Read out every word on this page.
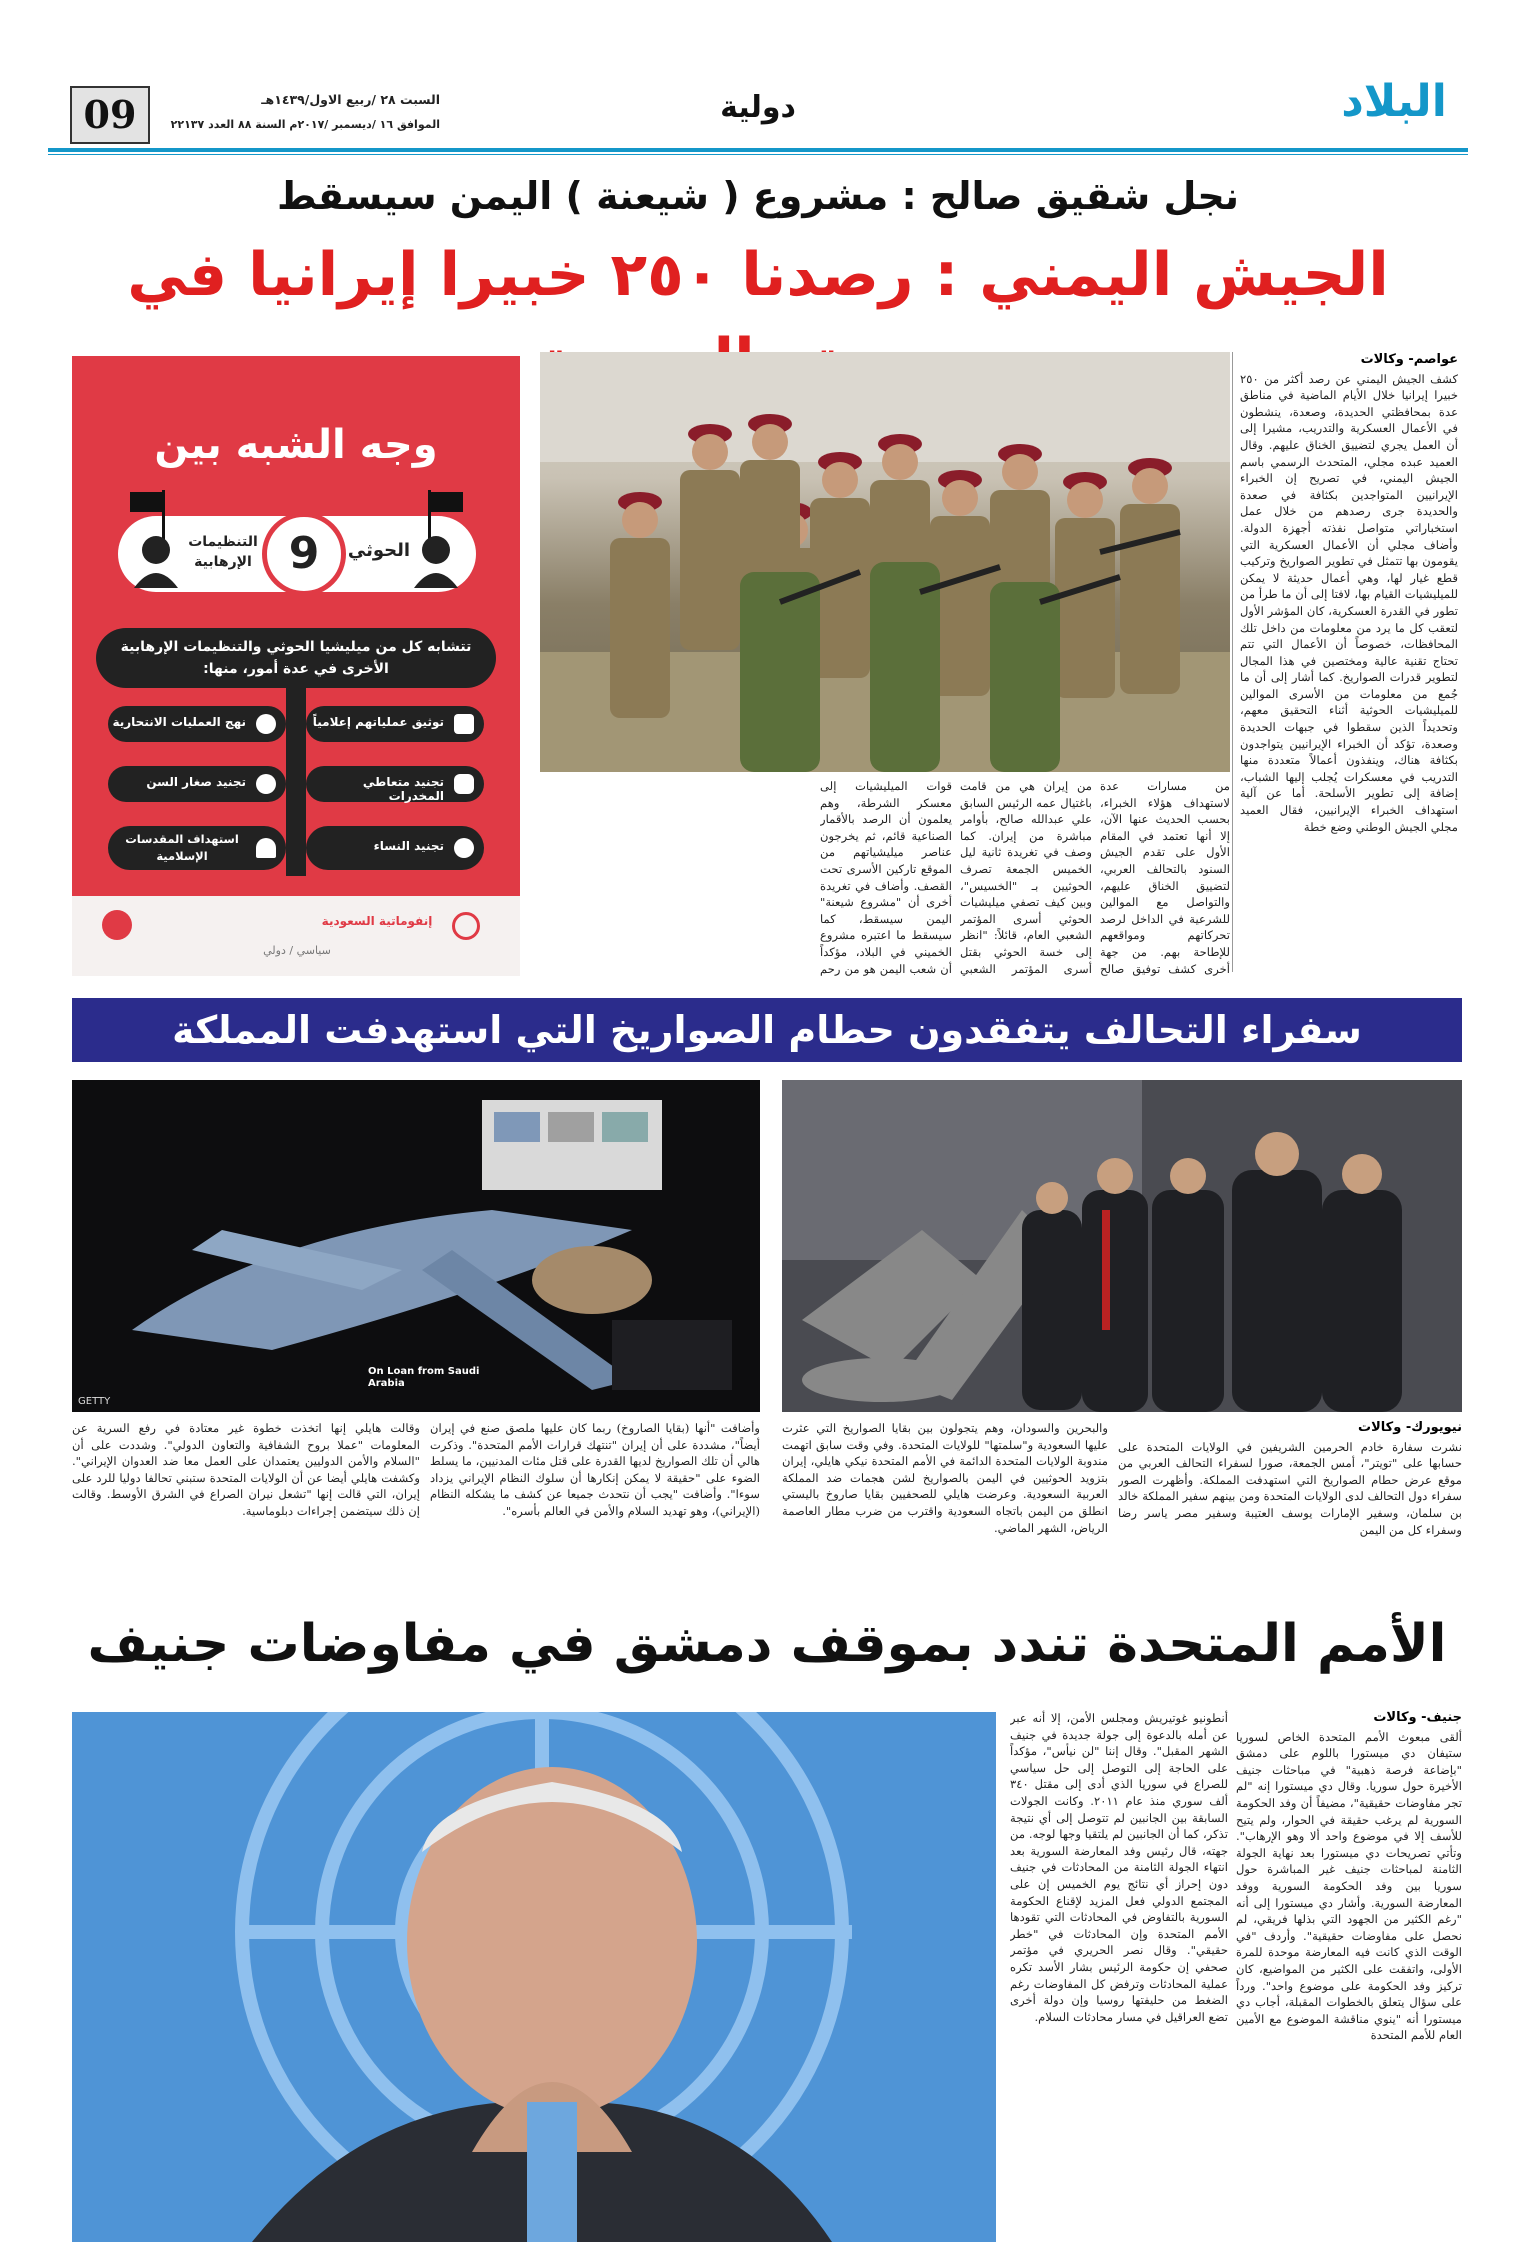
09	السبت ٢٨ /ربيع الاول/١٤٣٩هـ
الموافق ١٦ /ديسمبر /٢٠١٧م السنة ٨٨ العدد ٢٢١٣٧	دولية	البلاد
نجل شقيق صالح : مشروع ( شيعنة ) اليمن سيسقط
الجيش اليمني : رصدنا ٢٥٠ خبيرا إيرانيا في
عواصم- وكالات

كشف الجيش اليمني عن رصد أكثر من ٢٥٠ خبيرا إيرانيا خلال الأيام الماضية في مناطق عدة بمحافظتي الحديدة، وصعدة، ينشطون في الأعمال العسكرية والتدريب، مشيرا إلى أن العمل يجري لتضييق الخناق عليهم. وقال العميد عبده مجلي، المتحدث الرسمي باسم الجيش اليمني، في تصريح إن الخبراء الإيرانيين المتواجدين بكثافة في صعدة والحديدة جرى رصدهم من خلال عمل استخباراتي متواصل نفذته أجهزة الدولة. وأضاف مجلي أن الأعمال العسكرية التي يقومون بها تتمثل في تطوير الصواريخ وتركيب قطع غيار لها، وهي أعمال حديثة لا يمكن للميليشيات القيام بها، لافتا إلى أن ما طرأ من تطور في القدرة العسكرية، كان المؤشر الأول لتعقب كل ما يرد من معلومات من داخل تلك المحافظات، خصوصاً أن الأعمال التي تتم تحتاج تقنية عالية ومختصين في هذا المجال لتطوير قدرات الصواريخ. كما أشار إلى أن ما جُمع من معلومات من الأسرى الموالين للميليشيات الحوثية أثناء التحقيق معهم، وتحديداً الذين سقطوا في جبهات الحديدة وصعدة، تؤكد أن الخبراء الإيرانيين يتواجدون بكثافة هناك، وينفذون أعمالاً متعددة منها التدريب في معسكرات يُجلب إليها الشباب، إضافة إلى تطوير الأسلحة. أما عن آلية استهداف الخبراء الإيرانيين، فقال العميد مجلي الجيش الوطني وضع خطة

من مسارات عدة لاستهداف هؤلاء الخبراء، بحسب الحديث عنها الآن، إلا أنها تعتمد في المقام الأول على تقدم الجيش السنود بالتحالف العربي، لتضييق الخناق عليهم، والتواصل مع الموالين للشرعية في الداخل لرصد تحركاتهم ومواقعهم للإطاحة بهم. من جهة أخرى كشف توفيق صالح

من إيران هي من قامت باغتيال عمه الرئيس السابق علي عبدالله صالح، بأوامر مباشرة من إيران. كما وصف في تغريدة ثانية ليل الخميس الجمعة تصرف الحوثيين بـ "الخسيس"، وبين كيف تصفي ميليشيات الحوثي أسرى المؤتمر الشعبي العام، قائلاً: "انظر إلى خسة الحوثي بقتل أسرى المؤتمر الشعبي

قوات الميليشيات إلى معسكر الشرطة، وهم يعلمون أن الرصد بالأقمار الصناعية قائم، ثم يخرجون عناصر ميليشياتهم من الموقع تاركين الأسرى تحت القصف. وأضاف في تغريدة أخرى أن "مشروع شيعنة" اليمن سيسقط، كما سيسقط ما اعتبره مشروع الخميني في البلاد، مؤكداً أن شعب اليمن هو من رحم

وجه الشبه بين
الحوثي
9
التنظيمات الإرهابية
تتشابه كل من ميليشيا الحوثي والتنظيمات الإرهابية الأخرى في عدة أمور، منها:
توثيق عملياتهم إعلامياً
نهج العمليات الانتحارية
تجنيد متعاطي المخدرات
تجنيد صغار السن
تجنيد النساء
استهداف المقدسات الإسلامية
إنفوماتية السعودية
سياسي / دولي
سفراء التحالف يتفقدون حطام الصواريخ التي استهدفت المملكة
On Loan from Saudi Arabia
GETTY
نيويورك- وكالات

نشرت سفارة خادم الحرمين الشريفين في الولايات المتحدة على حسابها على "تويتر"، أمس الجمعة، صورا لسفراء التحالف العربي من موقع عرض حطام الصواريخ التي استهدفت المملكة. وأظهرت الصور سفراء دول التحالف لدى الولايات المتحدة ومن بينهم سفير المملكة خالد بن سلمان، وسفير الإمارات يوسف العتيبة وسفير مصر ياسر رضا وسفراء كل من اليمن

والبحرين والسودان، وهم يتجولون بين بقايا الصواريخ التي عثرت عليها السعودية و"سلمتها" للولايات المتحدة. وفي وقت سابق اتهمت مندوبة الولايات المتحدة الدائمة في الأمم المتحدة نيكي هايلي، إيران بتزويد الحوثيين في اليمن بالصواريخ لشن هجمات ضد المملكة العربية السعودية. وعرضت هايلي للصحفيين بقايا صاروخ باليستي انطلق من اليمن باتجاه السعودية واقترب من ضرب مطار العاصمة الرياض، الشهر الماضي.

وأضافت "أنها (بقايا الصاروخ) ربما كان عليها ملصق صنع في إيران أيضاً"، مشددة على أن إيران "تنتهك قرارات الأمم المتحدة". وذكرت هالي أن تلك الصواريخ لديها القدرة على قتل مئات المدنيين، ما يسلط الضوء على "حقيقة لا يمكن إنكارها أن سلوك النظام الإيراني يزداد سوءا". وأضافت "يجب أن نتحدث جميعا عن كشف ما يشكله النظام (الإيراني)، وهو تهديد السلام والأمن في العالم بأسره".

وقالت هايلي إنها اتخذت خطوة غير معتادة في رفع السرية عن المعلومات "عملا بروح الشفافية والتعاون الدولي". وشددت على أن "السلام والأمن الدوليين يعتمدان على العمل معا ضد العدوان الإيراني". وكشفت هايلي أيضا عن أن الولايات المتحدة ستبني تحالفا دوليا للرد على إيران، التي قالت إنها "تشعل نيران الصراع في الشرق الأوسط. وقالت إن ذلك سيتضمن إجراءات دبلوماسية.

الأمم المتحدة تندد بموقف دمشق في مفاوضات جنيف
جنيف- وكالات

ألقى مبعوث الأمم المتحدة الخاص لسوريا ستيفان دي ميستورا باللوم على دمشق "بإضاعة فرصة ذهبية" في مباحثات جنيف الأخيرة حول سوريا. وقال دي ميستورا إنه "لم تجر مفاوضات حقيقية"، مضيفاً أن وفد الحكومة السورية لم يرغب حقيقة في الحوار، ولم يتيح للأسف إلا في موضوع واحد ألا وهو الإرهاب". وتأتي تصريحات دي ميستورا بعد نهاية الجولة الثامنة لمباحثات جنيف غير المباشرة حول سوريا بين وفد الحكومة السورية ووفد المعارضة السورية. وأشار دي ميستورا إلى أنه "رغم الكثير من الجهود التي بذلها فريقي، لم نحصل على مفاوضات حقيقية". وأردف "في الوقت الذي كانت فيه المعارضة موحدة للمرة الأولى، واتفقت على الكثير من المواضيع، كان تركيز وفد الحكومة على موضوع واحد". ورداً على سؤال يتعلق بالخطوات المقبلة، أجاب دي ميستورا أنه "ينوي مناقشة الموضوع مع الأمين العام للأمم المتحدة

أنطونيو غوتيريش ومجلس الأمن، إلا أنه عبر عن أمله بالدعوة إلى جولة جديدة في جنيف الشهر المقبل". وقال إننا "لن نيأس"، مؤكداً على الحاجة إلى التوصل إلى حل سياسي للصراع في سوريا الذي أدى إلى مقتل ٣٤٠ ألف سوري منذ عام ٢٠١١. وكانت الجولات السابقة بين الجانبين لم تتوصل إلى أي نتيجة تذكر، كما أن الجانبين لم يلتقيا وجها لوجه. من جهته، قال رئيس وفد المعارضة السورية بعد انتهاء الجولة الثامنة من المحادثات في جنيف دون إحراز أي نتائج يوم الخميس إن على المجتمع الدولي فعل المزيد لإقناع الحكومة السورية بالتفاوض في المحادثات التي تقودها الأمم المتحدة وإن المحادثات في "خطر حقيقي". وقال نصر الحريري في مؤتمر صحفي إن حكومة الرئيس بشار الأسد تكره عملية المحادثات وترفض كل المفاوضات رغم الضغط من حليفتها روسيا وإن دولة أخرى تضع العراقيل في مسار محادثات السلام.
